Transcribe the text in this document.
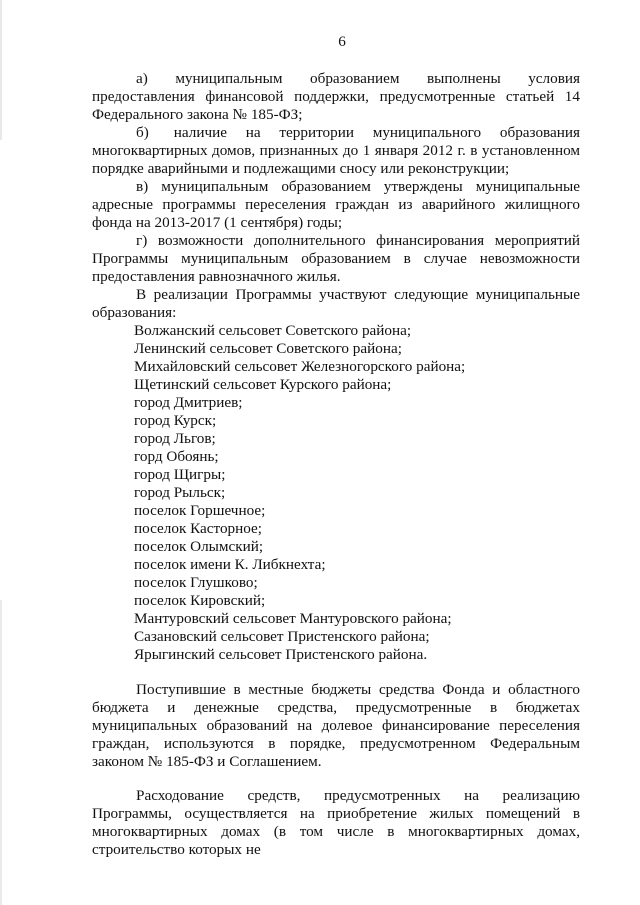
6

а)    муниципальным    образованием    выполнены    условия предоставления финансовой поддержки, предусмотренные статьей 14 Федерального закона № 185-ФЗ;

б)    наличие   на   территории   муниципального   образования многоквартирных домов, признанных до 1 января 2012 г. в установленном порядке аварийными и подлежащими сносу или реконструкции;

в)  муниципальным  образованием  утверждены  муниципальные адресные программы переселения граждан из аварийного жилищного фонда на 2013-2017 (1 сентября) годы;

г) возможности дополнительного финансирования мероприятий Программы муниципальным образованием в случае невозможности предоставления равнозначного жилья.

В реализации Программы участвуют следующие муниципальные образования:

Волжанский сельсовет Советского района;
Ленинский сельсовет Советского района;
Михайловский сельсовет Железногорского района;
Щетинский сельсовет Курского района;
город Дмитриев;
город Курск;
город Льгов;
горд Обоянь;
город Щигры;
город Рыльск;
поселок Горшечное;
поселок Касторное;
поселок Олымский;
поселок имени К. Либкнехта;
поселок Глушково;
поселок Кировский;
Мантуровский сельсовет Мантуровского района;
Сазановский сельсовет Пристенского района;
Ярыгинский сельсовет Пристенского района.

Поступившие в местные бюджеты средства Фонда и областного бюджета и денежные средства, предусмотренные в бюджетах муниципальных образований на долевое финансирование переселения граждан, используются в порядке, предусмотренном Федеральным законом № 185-ФЗ и Соглашением.

Расходование средств, предусмотренных на реализацию Программы, осуществляется на приобретение жилых помещений в многоквартирных домах (в том числе в многоквартирных домах, строительство которых не
